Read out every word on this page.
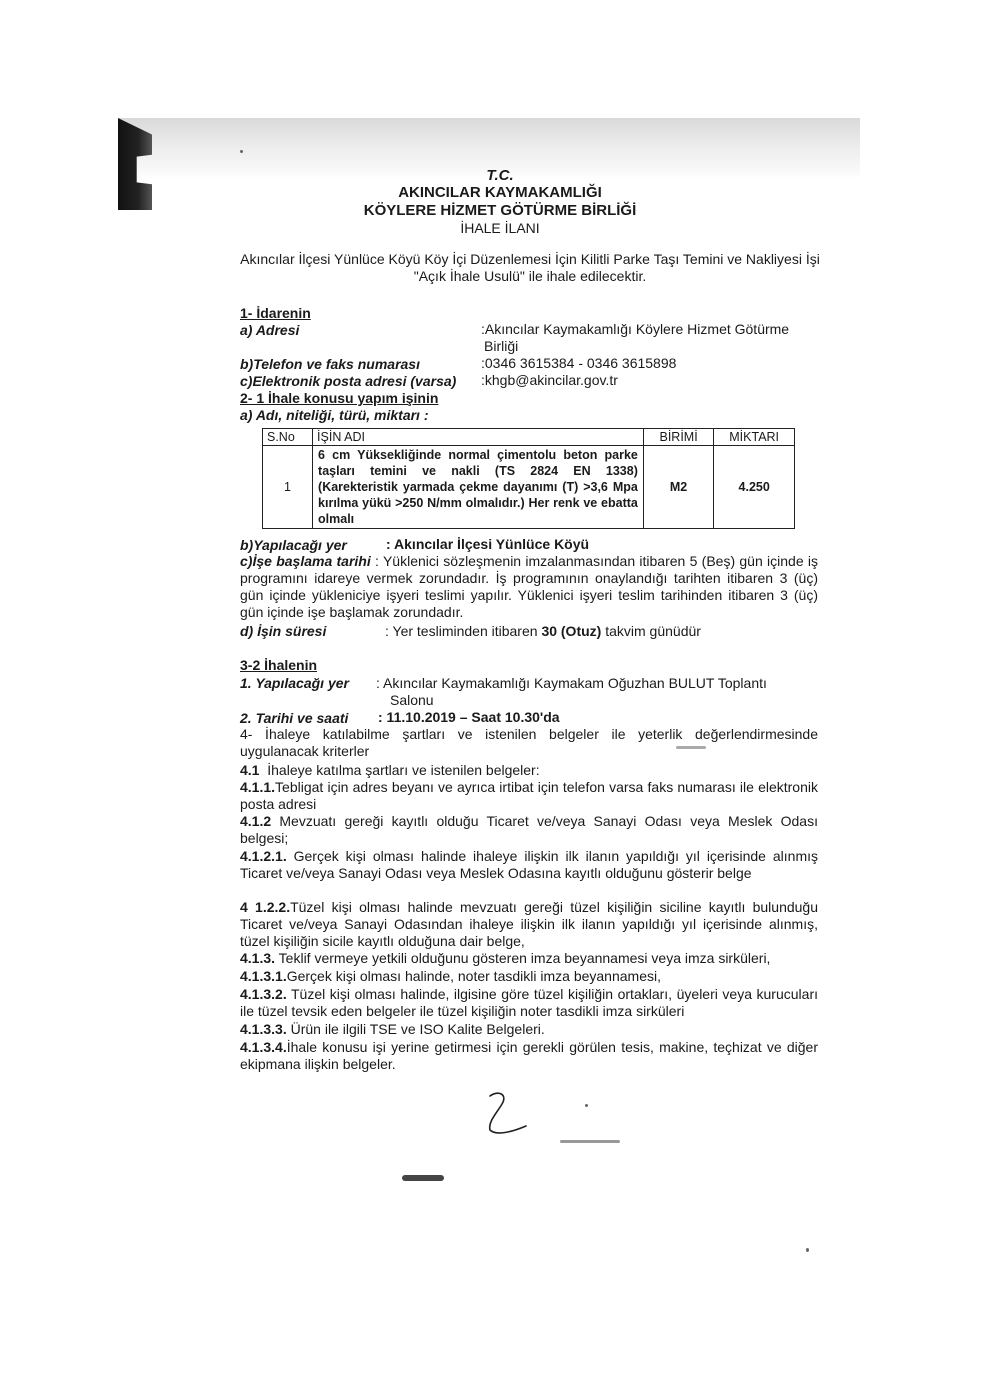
T.C.
AKINCILAR KAYMAKAMLIĞI
KÖYLERE HİZMET GÖTÜRME BİRLİĞİ
İHALE İLANI
Akıncılar İlçesi Yünlüce Köyü Köy İçi Düzenlemesi İçin Kilitli Parke Taşı Temini ve Nakliyesi İşi "Açık İhale Usulü" ile ihale edilecektir.
1- İdarenin
a) Adresi	:Akıncılar Kaymakamlığı Köylere Hizmet Götürme
Birliği
b)Telefon ve faks numarası	:0346 3615384 - 0346 3615898
c)Elektronik posta adresi (varsa) :khgb@akincilar.gov.tr
2- 1 İhale konusu yapım işinin
a) Adı, niteliği, türü, miktarı :
S.No	İŞİN ADI	BİRİMİ	MİKTARI
1	6 cm Yüksekliğinde normal çimentolu beton parke taşları temini ve nakli (TS 2824 EN 1338) (Karekteristik yarmada çekme dayanımı (T) >3,6 Mpa kırılma yükü >250 N/mm olmalıdır.) Her renk ve ebatta olmalı	M2	4.250
b)Yapılacağı yer	: Akıncılar İlçesi Yünlüce Köyü
c)İşe başlama tarihi : Yüklenici sözleşmenin imzalanmasından itibaren 5 (Beş) gün içinde iş programını idareye vermek zorundadır. İş programının onaylandığı tarihten itibaren 3 (üç) gün içinde yükleniciye işyeri teslimi yapılır. Yüklenici işyeri teslim tarihinden itibaren 3 (üç) gün içinde işe başlamak zorundadır.
d) İşin süresi	: Yer tesliminden itibaren 30 (Otuz) takvim günüdür
3-2 İhalenin
1. Yapılacağı yer : Akıncılar Kaymakamlığı Kaymakam Oğuzhan BULUT Toplantı
Salonu
2. Tarihi ve saati : 11.10.2019 – Saat 10.30'da
4- İhaleye katılabilme şartları ve istenilen belgeler ile yeterlik değerlendirmesinde uygulanacak kriterler
4.1 İhaleye katılma şartları ve istenilen belgeler:
4.1.1.Tebligat için adres beyanı ve ayrıca irtibat için telefon varsa faks numarası ile elektronik posta adresi
4.1.2 Mevzuatı gereği kayıtlı olduğu Ticaret ve/veya Sanayi Odası veya Meslek Odası belgesi;
4.1.2.1. Gerçek kişi olması halinde ihaleye ilişkin ilk ilanın yapıldığı yıl içerisinde alınmış Ticaret ve/veya Sanayi Odası veya Meslek Odasına kayıtlı olduğunu gösterir belge
4 1.2.2.Tüzel kişi olması halinde mevzuatı gereği tüzel kişiliğin siciline kayıtlı bulunduğu Ticaret ve/veya Sanayi Odasından ihaleye ilişkin ilk ilanın yapıldığı yıl içerisinde alınmış, tüzel kişiliğin sicile kayıtlı olduğuna dair belge,
4.1.3. Teklif vermeye yetkili olduğunu gösteren imza beyannamesi veya imza sirküleri,
4.1.3.1.Gerçek kişi olması halinde, noter tasdikli imza beyannamesi,
4.1.3.2. Tüzel kişi olması halinde, ilgisine göre tüzel kişiliğin ortakları, üyeleri veya kurucuları ile tüzel tevsik eden belgeler ile tüzel kişiliğin noter tasdikli imza sirküleri
4.1.3.3. Ürün ile ilgili TSE ve ISO Kalite Belgeleri.
4.1.3.4.İhale konusu işi yerine getirmesi için gerekli görülen tesis, makine, teçhizat ve diğer ekipmana ilişkin belgeler.
